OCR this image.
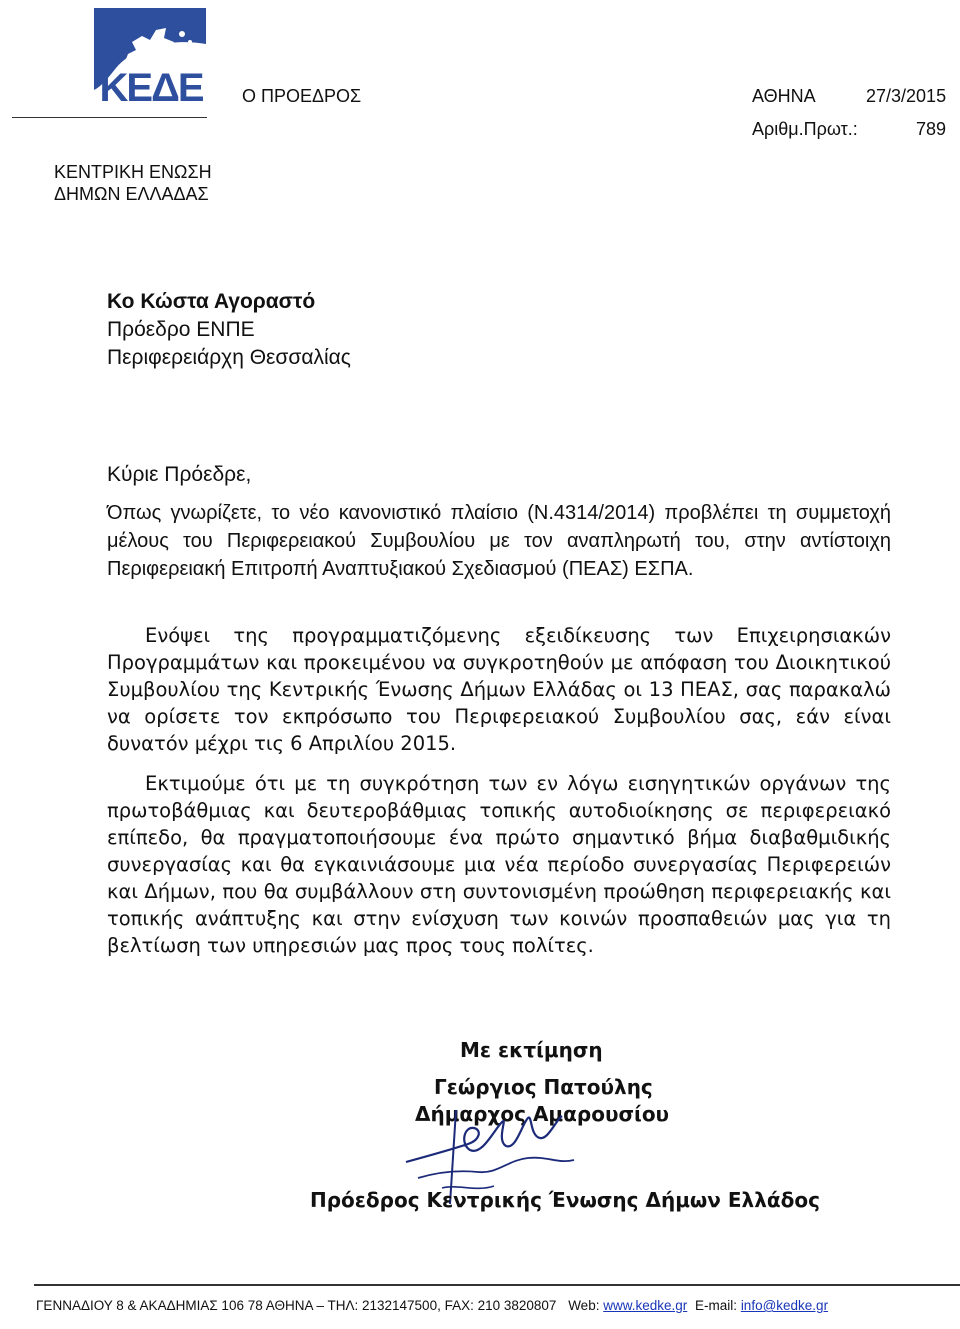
ΚΕΔΕ Ο ΠΡΟΕΔΡΟΣ	ΑΘΗΝΑ	27/3/2015
Αριθμ.Πρωτ.:	789
ΚΕΝΤΡΙΚΗ ΕΝΩΣΗ
ΔΗΜΩΝ ΕΛΛΑΔΑΣ
Κο Κώστα Αγοραστό
Πρόεδρο ΕΝΠΕ
Περιφερειάρχη Θεσσαλίας
Κύριε Πρόεδρε,

Όπως γνωρίζετε, το νέο κανονιστικό πλαίσιο (Ν.4314/2014) προβλέπει τη συμμετοχή μέλους του Περιφερειακού Συμβουλίου με τον αναπληρωτή του, στην αντίστοιχη Περιφερειακή Επιτροπή Αναπτυξιακού Σχεδιασμού (ΠΕΑΣ) ΕΣΠΑ.

Ενόψει της προγραμματιζόμενης εξειδίκευσης των Επιχειρησιακών Προγραμμάτων και προκειμένου να συγκροτηθούν με απόφαση του Διοικητικού Συμβουλίου της Κεντρικής Ένωσης Δήμων Ελλάδας οι 13 ΠΕΑΣ, σας παρακαλώ να ορίσετε τον εκπρόσωπο του Περιφερειακού Συμβουλίου σας, εάν είναι δυνατόν μέχρι τις 6 Απριλίου 2015.

Εκτιμούμε ότι με τη συγκρότηση των εν λόγω εισηγητικών οργάνων της πρωτοβάθμιας και δευτεροβάθμιας τοπικής αυτοδιοίκησης σε περιφερειακό επίπεδο, θα πραγματοποιήσουμε ένα πρώτο σημαντικό βήμα διαβαθμιδικής συνεργασίας και θα εγκαινιάσουμε μια νέα περίοδο συνεργασίας Περιφερειών και Δήμων, που θα συμβάλλουν στη συντονισμένη προώθηση περιφερειακής και τοπικής ανάπτυξης και στην ενίσχυση των κοινών προσπαθειών μας για τη βελτίωση των υπηρεσιών μας προς τους πολίτες.

Με εκτίμηση
Γεώργιος Πατούλης
Δήμαρχος Αμαρουσίου
Πρόεδρος Κεντρικής Ένωσης Δήμων Ελλάδος
ΓΕΝΝΑΔΙΟΥ 8 & ΑΚΑΔΗΜΙΑΣ 106 78 ΑΘΗΝΑ – ΤΗΛ: 2132147500, FAX: 210 3820807 Web: www.kedke.gr E-mail: info@kedke.gr
